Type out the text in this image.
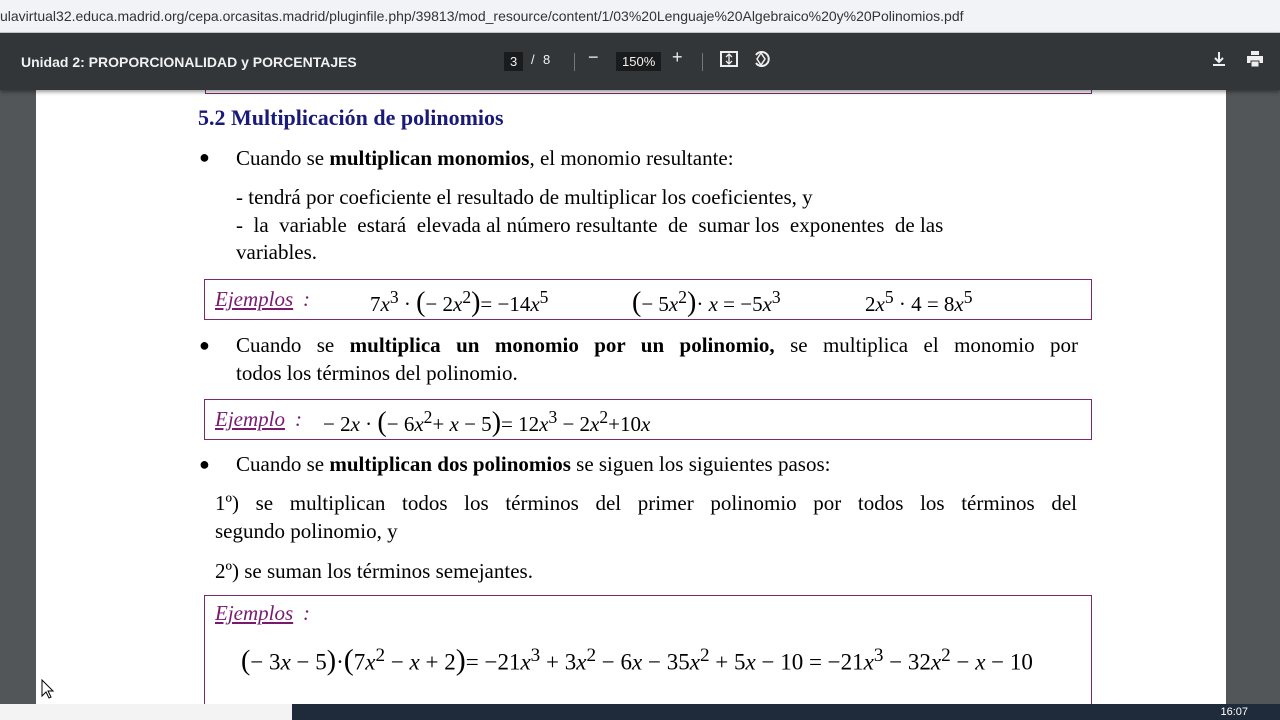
ulavirtual32.educa.madrid.org/cepa.orcasitas.madrid/pluginfile.php/39813/mod_resource/content/1/03%20Lenguaje%20Algebraico%20y%20Polinomios.pdf
Unidad 2: PROPORCIONALIDAD y PORCENTAJES	3	/ 8 −	150% +
5.2 Multiplicación de polinomios
● Cuando se multiplican monomios, el monomio resultante:
- tendrá por coeficiente el resultado de multiplicar los coeficientes, y
-  la  variable  estará  elevada al número resultante  de  sumar los  exponentes  de las
variables.
Ejemplos :	$7x^3$ · (− $2x^2)= -14x^5$	(− $5x^2)\cdot x = -5x^3$	$2x^5 \cdot 4 = 8x^5$
● Cuando se multiplica un monomio por un polinomio, se multiplica el monomio por
todos los términos del polinomio.
Ejemplo : − 2x · (− $6x^2+ x - 5)= 12x^3 - 2x^2+10x$
● Cuando se multiplican dos polinomios se siguen los siguientes pasos:
1º) se multiplican todos los términos del primer polinomio por todos los términos del
segundo polinomio, y
2º) se suman los términos semejantes.
Ejemplos :
(− $3x - 5)\cdot(7x^2 - x + 2)= -21x^3 + 3x^2 - 6x - 35x^2 + 5x - 10 = -21x^3 - 32x^2 - x - 10$
16:07
